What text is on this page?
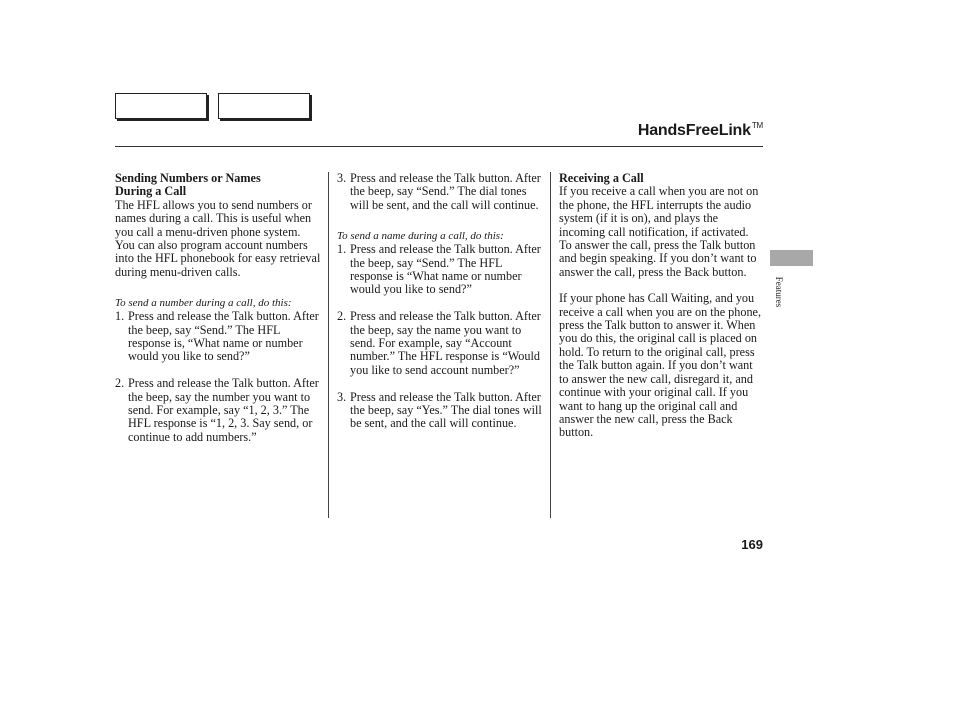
HandsFreeLink™
Sending Numbers or Names
During a Call

The HFL allows you to send numbers or names during a call. This is useful when you call a menu-driven phone system. You can also program account numbers into the HFL phonebook for easy retrieval during menu-driven calls.

To send a number during a call, do this:

1. Press and release the Talk button. After the beep, say “Send.” The HFL response is, “What name or number would you like to send?”
2. Press and release the Talk button. After the beep, say the number you want to send. For example, say “1, 2, 3.” The HFL response is “1, 2, 3. Say send, or continue to add numbers.”
3. Press and release the Talk button. After the beep, say “Send.” The dial tones will be sent, and the call will continue.

To send a name during a call, do this:

1. Press and release the Talk button. After the beep, say “Send.” The HFL response is “What name or number would you like to send?”
2. Press and release the Talk button. After the beep, say the name you want to send. For example, say “Account number.” The HFL response is “Would you like to send account number?”
3. Press and release the Talk button. After the beep, say “Yes.” The dial tones will be sent, and the call will continue.
Receiving a Call

If you receive a call when you are not on the phone, the HFL interrupts the audio system (if it is on), and plays the incoming call notification, if activated. To answer the call, press the Talk button and begin speaking. If you don’t want to answer the call, press the Back button.

If your phone has Call Waiting, and you receive a call when you are on the phone, press the Talk button to answer it. When you do this, the original call is placed on hold. To return to the original call, press the Talk button again. If you don’t want to answer the new call, disregard it, and continue with your original call. If you want to hang up the original call and answer the new call, press the Back button.

Features
169
